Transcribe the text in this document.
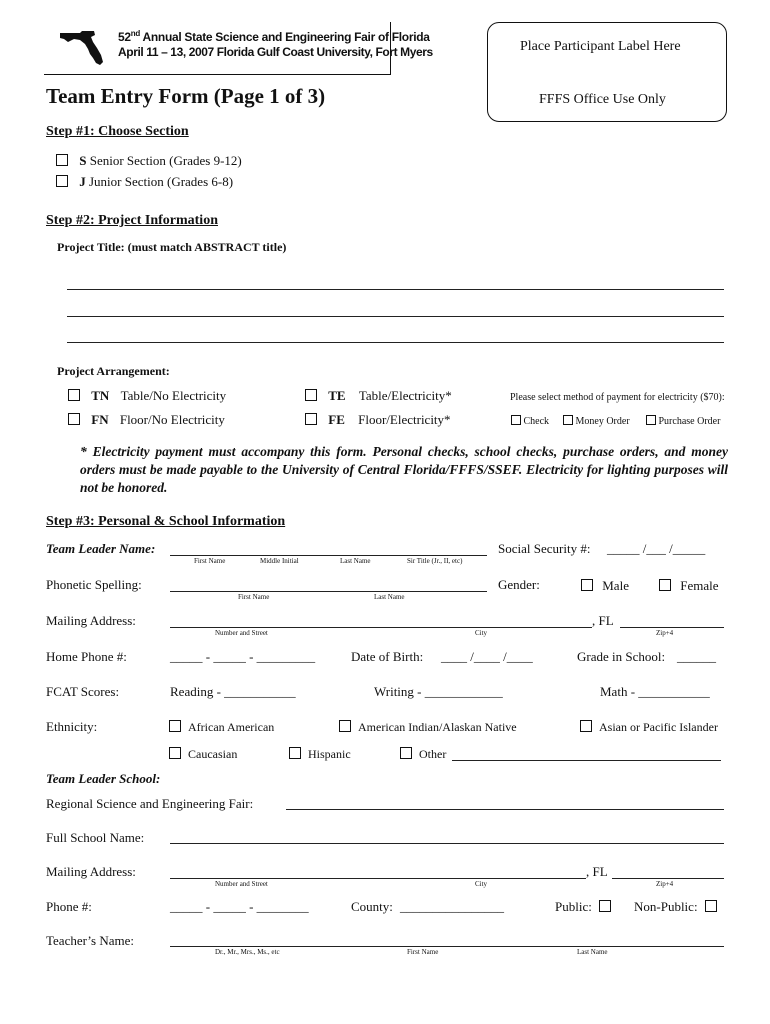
52nd Annual State Science and Engineering Fair of Florida
April 11 – 13, 2007 Florida Gulf Coast University, Fort Myers	Place Participant Label Here
FFFS Office Use Only
Team Entry Form (Page 1 of 3)
Step #1: Choose Section
S Senior Section (Grades 9-12)
J Junior Section (Grades 6-8)
Step #2: Project Information
Project Title: (must match ABSTRACT title)
Project Arrangement:
TN Table/No Electricity	TE Table/Electricity*
FN Floor/No Electricity	FE Floor/Electricity*
Please select method of payment for electricity ($70):
Check	Money Order	Purchase Order
* Electricity payment must accompany this form. Personal checks, school checks, purchase orders, and money orders must be made payable to the University of Central Florida/FFFS/SSEF. Electricity for lighting purposes will not be honored.
Step #3: Personal & School Information
Team Leader Name:
First Name	Middle Initial	Last Name	Sir Title (Jr., II, etc)
Social Security #: _____ /___ /_____
Phonetic Spelling:
First Name	Last Name
Gender:	Male	Female
Mailing Address:	, FL
Number and Street	City	Zip+4
Home Phone #:	_____ - _____ - _________	Date of Birth: ____ /____ /____	Grade in School: ______
FCAT Scores:	Reading - ___________	Writing - ____________	Math - ___________
Ethnicity:	African American	American Indian/Alaskan Native	Asian or Pacific Islander
Caucasian	Hispanic	Other
Team Leader School:
Regional Science and Engineering Fair:
Full School Name:
Mailing Address:	, FL
Number and Street	City	Zip+4
Phone #:	_____ - _____ - ________	County: ________________	Public:	Non-Public:
Teacher’s Name:
Dr., Mr., Mrs., Ms., etc	First Name	Last Name
